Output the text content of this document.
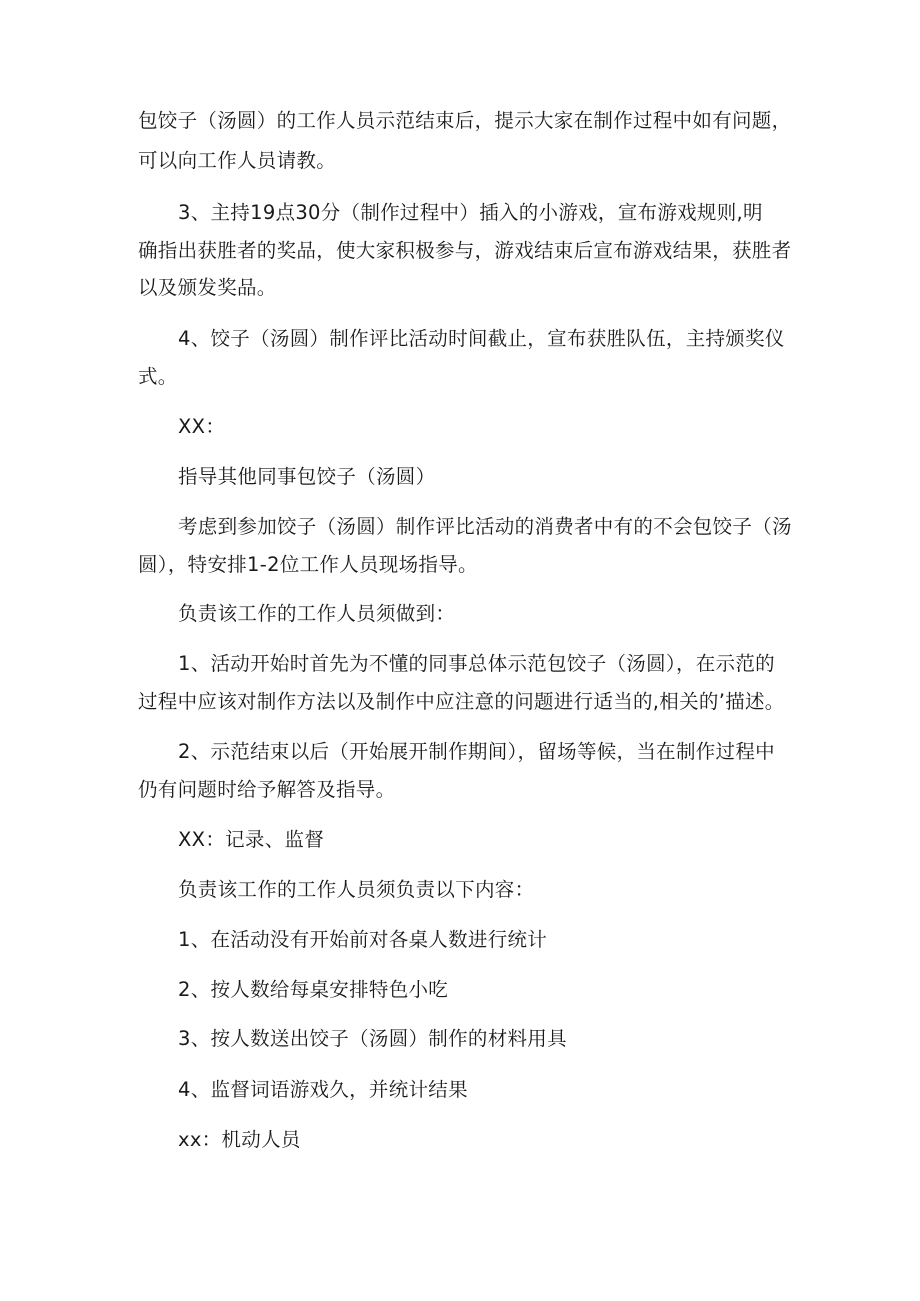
包饺子（汤圆）的工作人员示范结束后，提示大家在制作过程中如有问题，
可以向工作人员请教。
3、主持19点30分（制作过程中）插入的小游戏，宣布游戏规则,明
确指出获胜者的奖品，使大家积极参与，游戏结束后宣布游戏结果，获胜者
以及颁发奖品。
4、饺子（汤圆）制作评比活动时间截止，宣布获胜队伍，主持颁奖仪
式。
XX：
指导其他同事包饺子（汤圆）
考虑到参加饺子（汤圆）制作评比活动的消费者中有的不会包饺子（汤
圆），特安排1-2位工作人员现场指导。
负责该工作的工作人员须做到：
1、活动开始时首先为不懂的同事总体示范包饺子（汤圆），在示范的
过程中应该对制作方法以及制作中应注意的问题进行适当的,相关的’描述。
2、示范结束以后（开始展开制作期间），留场等候，当在制作过程中
仍有问题时给予解答及指导。
XX：记录、监督
负责该工作的工作人员须负责以下内容：
1、在活动没有开始前对各桌人数进行统计
2、按人数给每桌安排特色小吃
3、按人数送出饺子（汤圆）制作的材料用具
4、监督词语游戏久，并统计结果
xx：机动人员
